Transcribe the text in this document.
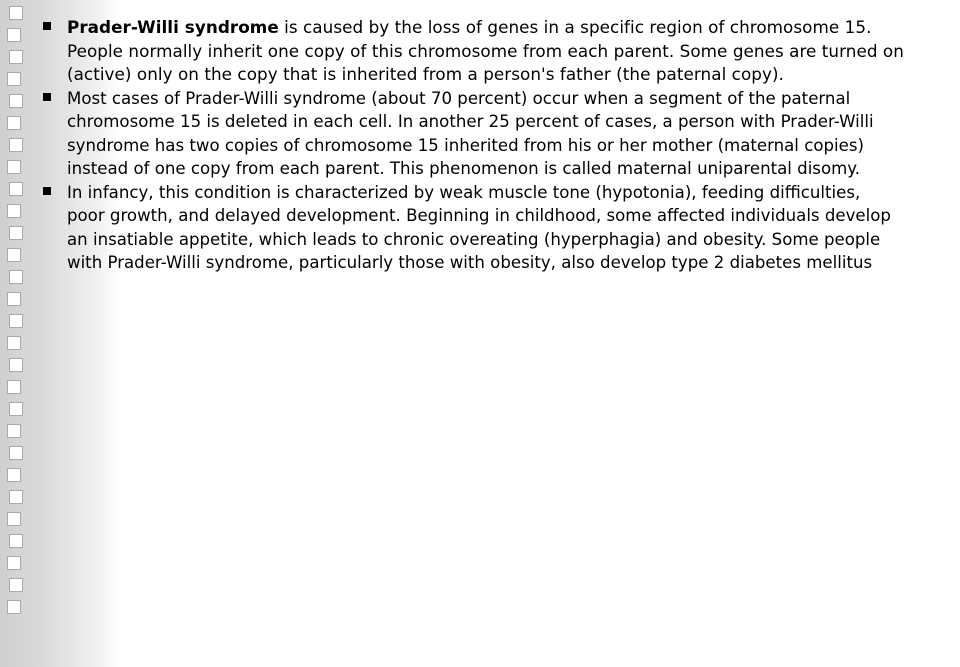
Prader-Willi syndrome is caused by the loss of genes in a specific region of chromosome 15.
People normally inherit one copy of this chromosome from each parent. Some genes are turned on
(active) only on the copy that is inherited from a person's father (the paternal copy).
Most cases of Prader-Willi syndrome (about 70 percent) occur when a segment of the paternal
chromosome 15 is deleted in each cell. In another 25 percent of cases, a person with Prader-Willi
syndrome has two copies of chromosome 15 inherited from his or her mother (maternal copies)
instead of one copy from each parent. This phenomenon is called maternal uniparental disomy.
In infancy, this condition is characterized by weak muscle tone (hypotonia), feeding difficulties,
poor growth, and delayed development. Beginning in childhood, some affected individuals develop
an insatiable appetite, which leads to chronic overeating (hyperphagia) and obesity. Some people
with Prader-Willi syndrome, particularly those with obesity, also develop type 2 diabetes mellitus
